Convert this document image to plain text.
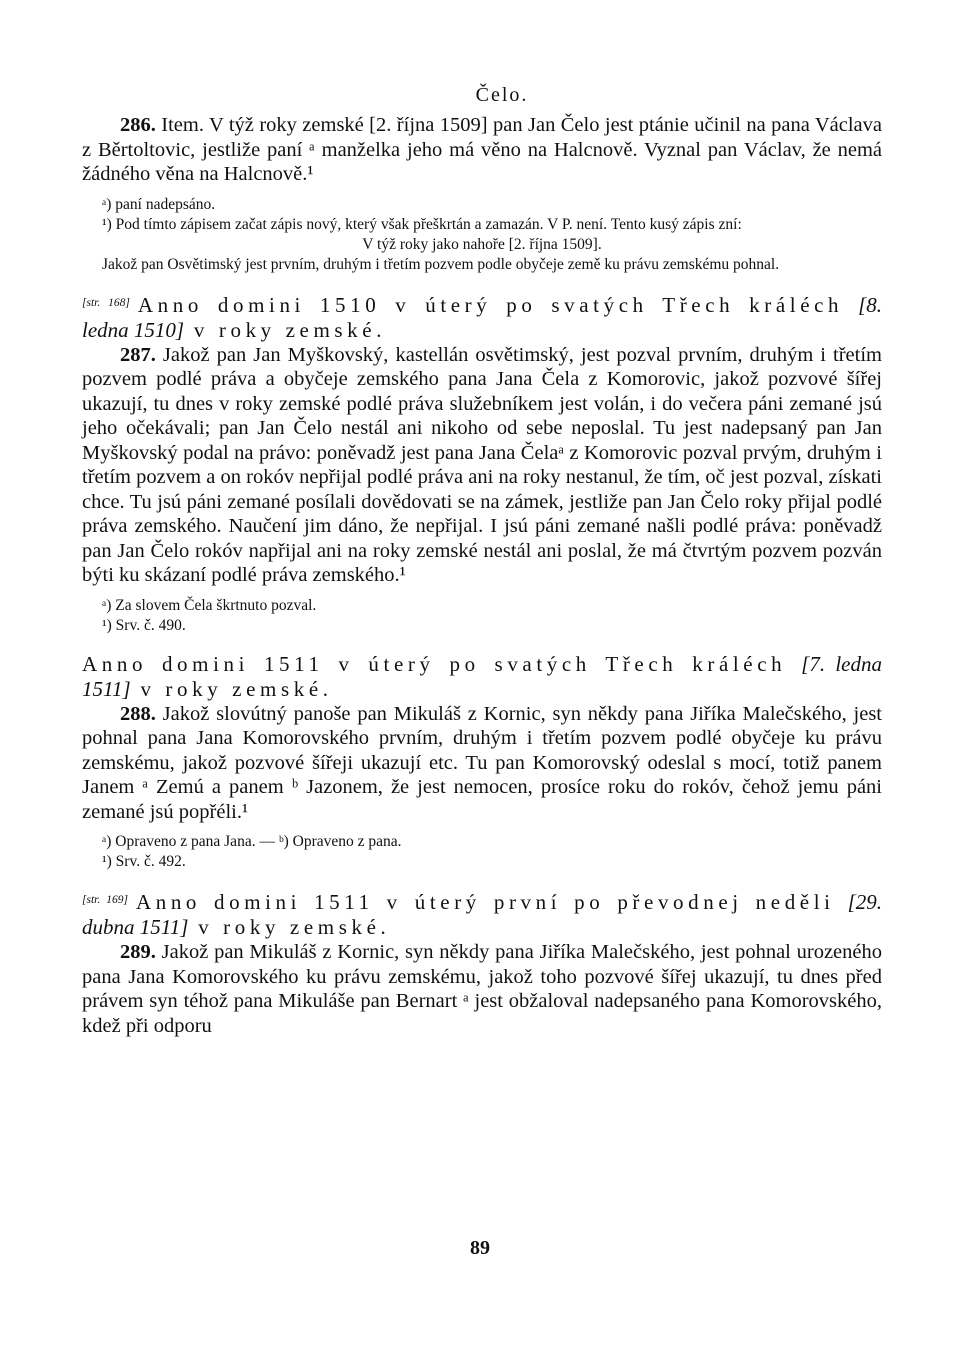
Čelo.

286. Item. V týž roky zemské [2. října 1509] pan Jan Čelo jest ptánie učinil na pana Václava z Běrtoltovic, jestliže paní ᵃ manželka jeho má věno na Halcnově. Vyznal pan Václav, že nemá žádného věna na Halcnově.¹

ᵃ) paní nadepsáno.

¹) Pod tímto zápisem začat zápis nový, který však přeškrtán a zamazán. V P. není. Tento kusý zápis zní:

V týž roky jako nahoře [2. října 1509].

Jakož pan Osvětimský jest prvním, druhým i třetím pozvem podle obyčeje země ku právu zemskému pohnal.

[str. 168] Anno domini 1510 v úterý po svatých Třech králéch [8. ledna 1510] v roky zemské.

287. Jakož pan Jan Myškovský, kastellán osvětimský, jest pozval prvním, druhým i třetím pozvem podlé práva a obyčeje zemského pana Jana Čela z Komorovic, jakož pozvové šířej ukazují, tu dnes v roky zemské podlé práva služebníkem jest volán, i do večera páni zemané jsú jeho očekávali; pan Jan Čelo nestál ani nikoho od sebe neposlal. Tu jest nadepsaný pan Jan Myškovský podal na právo: poněvadž jest pana Jana Čelaᵃ z Komorovic pozval prvým, druhým i třetím pozvem a on rokóv nepřijal podlé práva ani na roky nestanul, že tím, oč jest pozval, získati chce. Tu jsú páni zemané posílali dovědovati se na zámek, jestliže pan Jan Čelo roky přijal podlé práva zemského. Naučení jim dáno, že nepřijal. I jsú páni zemané našli podlé práva: poněvadž pan Jan Čelo rokóv napřijal ani na roky zemské nestál ani poslal, že má čtvrtým pozvem pozván býti ku skázaní podlé práva zemského.¹

ᵃ) Za slovem Čela škrtnuto pozval.

¹) Srv. č. 490.

Anno domini 1511 v úterý po svatých Třech králéch [7. ledna 1511] v roky zemské.

288. Jakož slovútný panoše pan Mikuláš z Kornic, syn někdy pana Jiříka Malečského, jest pohnal pana Jana Komorovského prvním, druhým i třetím pozvem podlé obyčeje ku právu zemskému, jakož pozvové šířeji ukazují etc. Tu pan Komorovský odeslal s mocí, totiž panem Janem ᵃ Zemú a panem ᵇ Jazonem, že jest nemocen, prosíce roku do rokóv, čehož jemu páni zemané jsú popřéli.¹

ᵃ) Opraveno z pana Jana. — ᵇ) Opraveno z pana.

¹) Srv. č. 492.

[str. 169] Anno domini 1511 v úterý první po převodnej neděli [29. dubna 1511] v roky zemské.

289. Jakož pan Mikuláš z Kornic, syn někdy pana Jiříka Malečského, jest pohnal urozeného pana Jana Komorovského ku právu zemskému, jakož toho pozvové šířej ukazují, tu dnes před právem syn téhož pana Mikuláše pan Bernart ᵃ jest obžaloval nadepsaného pana Komorovského, kdež při odporu

89
